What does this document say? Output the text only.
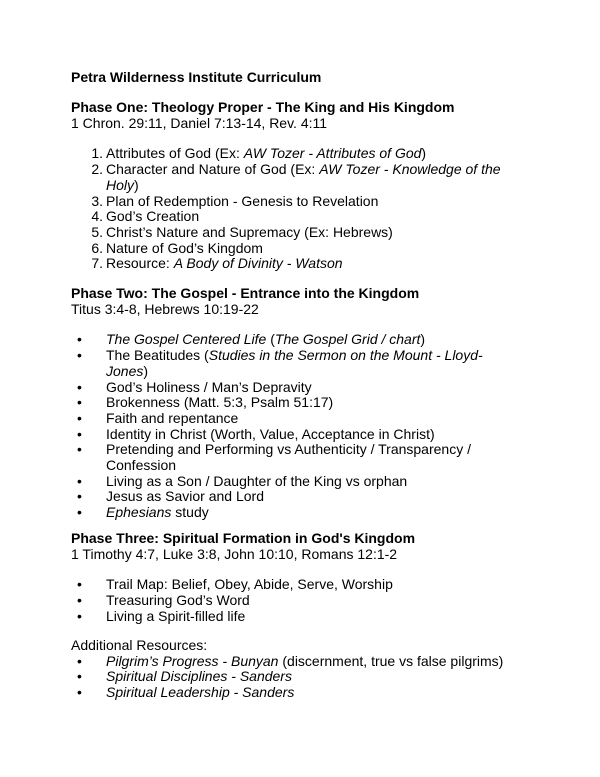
Petra Wilderness Institute Curriculum
Phase One: Theology Proper - The King and His Kingdom
1 Chron. 29:11, Daniel 7:13-14, Rev. 4:11
1. Attributes of God (Ex: AW Tozer - Attributes of God)
2. Character and Nature of God (Ex: AW Tozer - Knowledge of the Holy)
3. Plan of Redemption - Genesis to Revelation
4. God’s Creation
5. Christ’s Nature and Supremacy (Ex: Hebrews)
6. Nature of God’s Kingdom
7. Resource: A Body of Divinity - Watson
Phase Two: The Gospel - Entrance into the Kingdom
Titus 3:4-8, Hebrews 10:19-22
•	The Gospel Centered Life (The Gospel Grid / chart)
•	The Beatitudes (Studies in the Sermon on the Mount - Lloyd-Jones)
•	God’s Holiness / Man’s Depravity
•	Brokenness (Matt. 5:3, Psalm 51:17)
•	Faith and repentance
•	Identity in Christ (Worth, Value, Acceptance in Christ)
•	Pretending and Performing vs Authenticity / Transparency / Confession
•	Living as a Son / Daughter of the King vs orphan
•	Jesus as Savior and Lord
•	Ephesians study
Phase Three: Spiritual Formation in God's Kingdom
1 Timothy 4:7, Luke 3:8, John 10:10, Romans 12:1-2
•	Trail Map: Belief, Obey, Abide, Serve, Worship
•	Treasuring God’s Word
•	Living a Spirit-filled life
Additional Resources:
•	Pilgrim’s Progress - Bunyan (discernment, true vs false pilgrims)
•	Spiritual Disciplines - Sanders
•	Spiritual Leadership - Sanders
